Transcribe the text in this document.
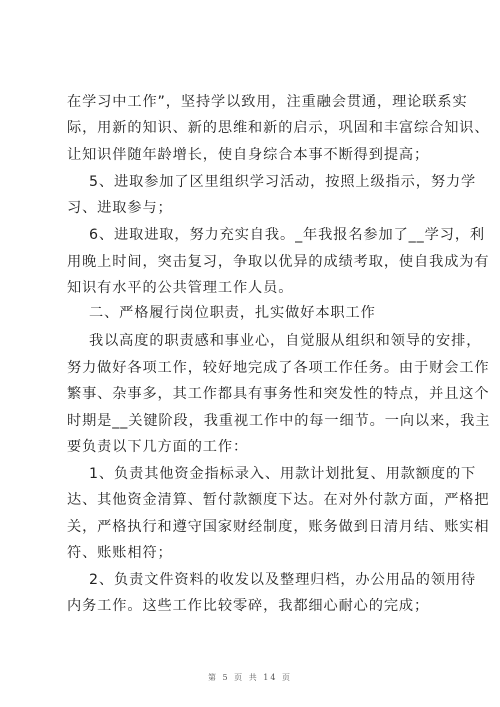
在学习中工作”，坚持学以致用，注重融会贯通，理论联系实
际，用新的知识、新的思维和新的启示，巩固和丰富综合知识、
让知识伴随年龄增长，使自身综合本事不断得到提高；
5、进取参加了区里组织学习活动，按照上级指示，努力学
习、进取参与；
6、进取进取，努力充实自我。_年我报名参加了__学习，利
用晚上时间，突击复习，争取以优异的成绩考取，使自我成为有
知识有水平的公共管理工作人员。
二、严格履行岗位职责，扎实做好本职工作
我以高度的职责感和事业心，自觉服从组织和领导的安排，
努力做好各项工作，较好地完成了各项工作任务。由于财会工作
繁事、杂事多，其工作都具有事务性和突发性的特点，并且这个
时期是__关键阶段，我重视工作中的每一细节。一向以来，我主
要负责以下几方面的工作：
1、负责其他资金指标录入、用款计划批复、用款额度的下
达、其他资金清算、暂付款额度下达。在对外付款方面，严格把
关，严格执行和遵守国家财经制度，账务做到日清月结、账实相
符、账账相符；
2、负责文件资料的收发以及整理归档，办公用品的领用待
内务工作。这些工作比较零碎，我都细心耐心的完成；
第 5 页 共 14 页
